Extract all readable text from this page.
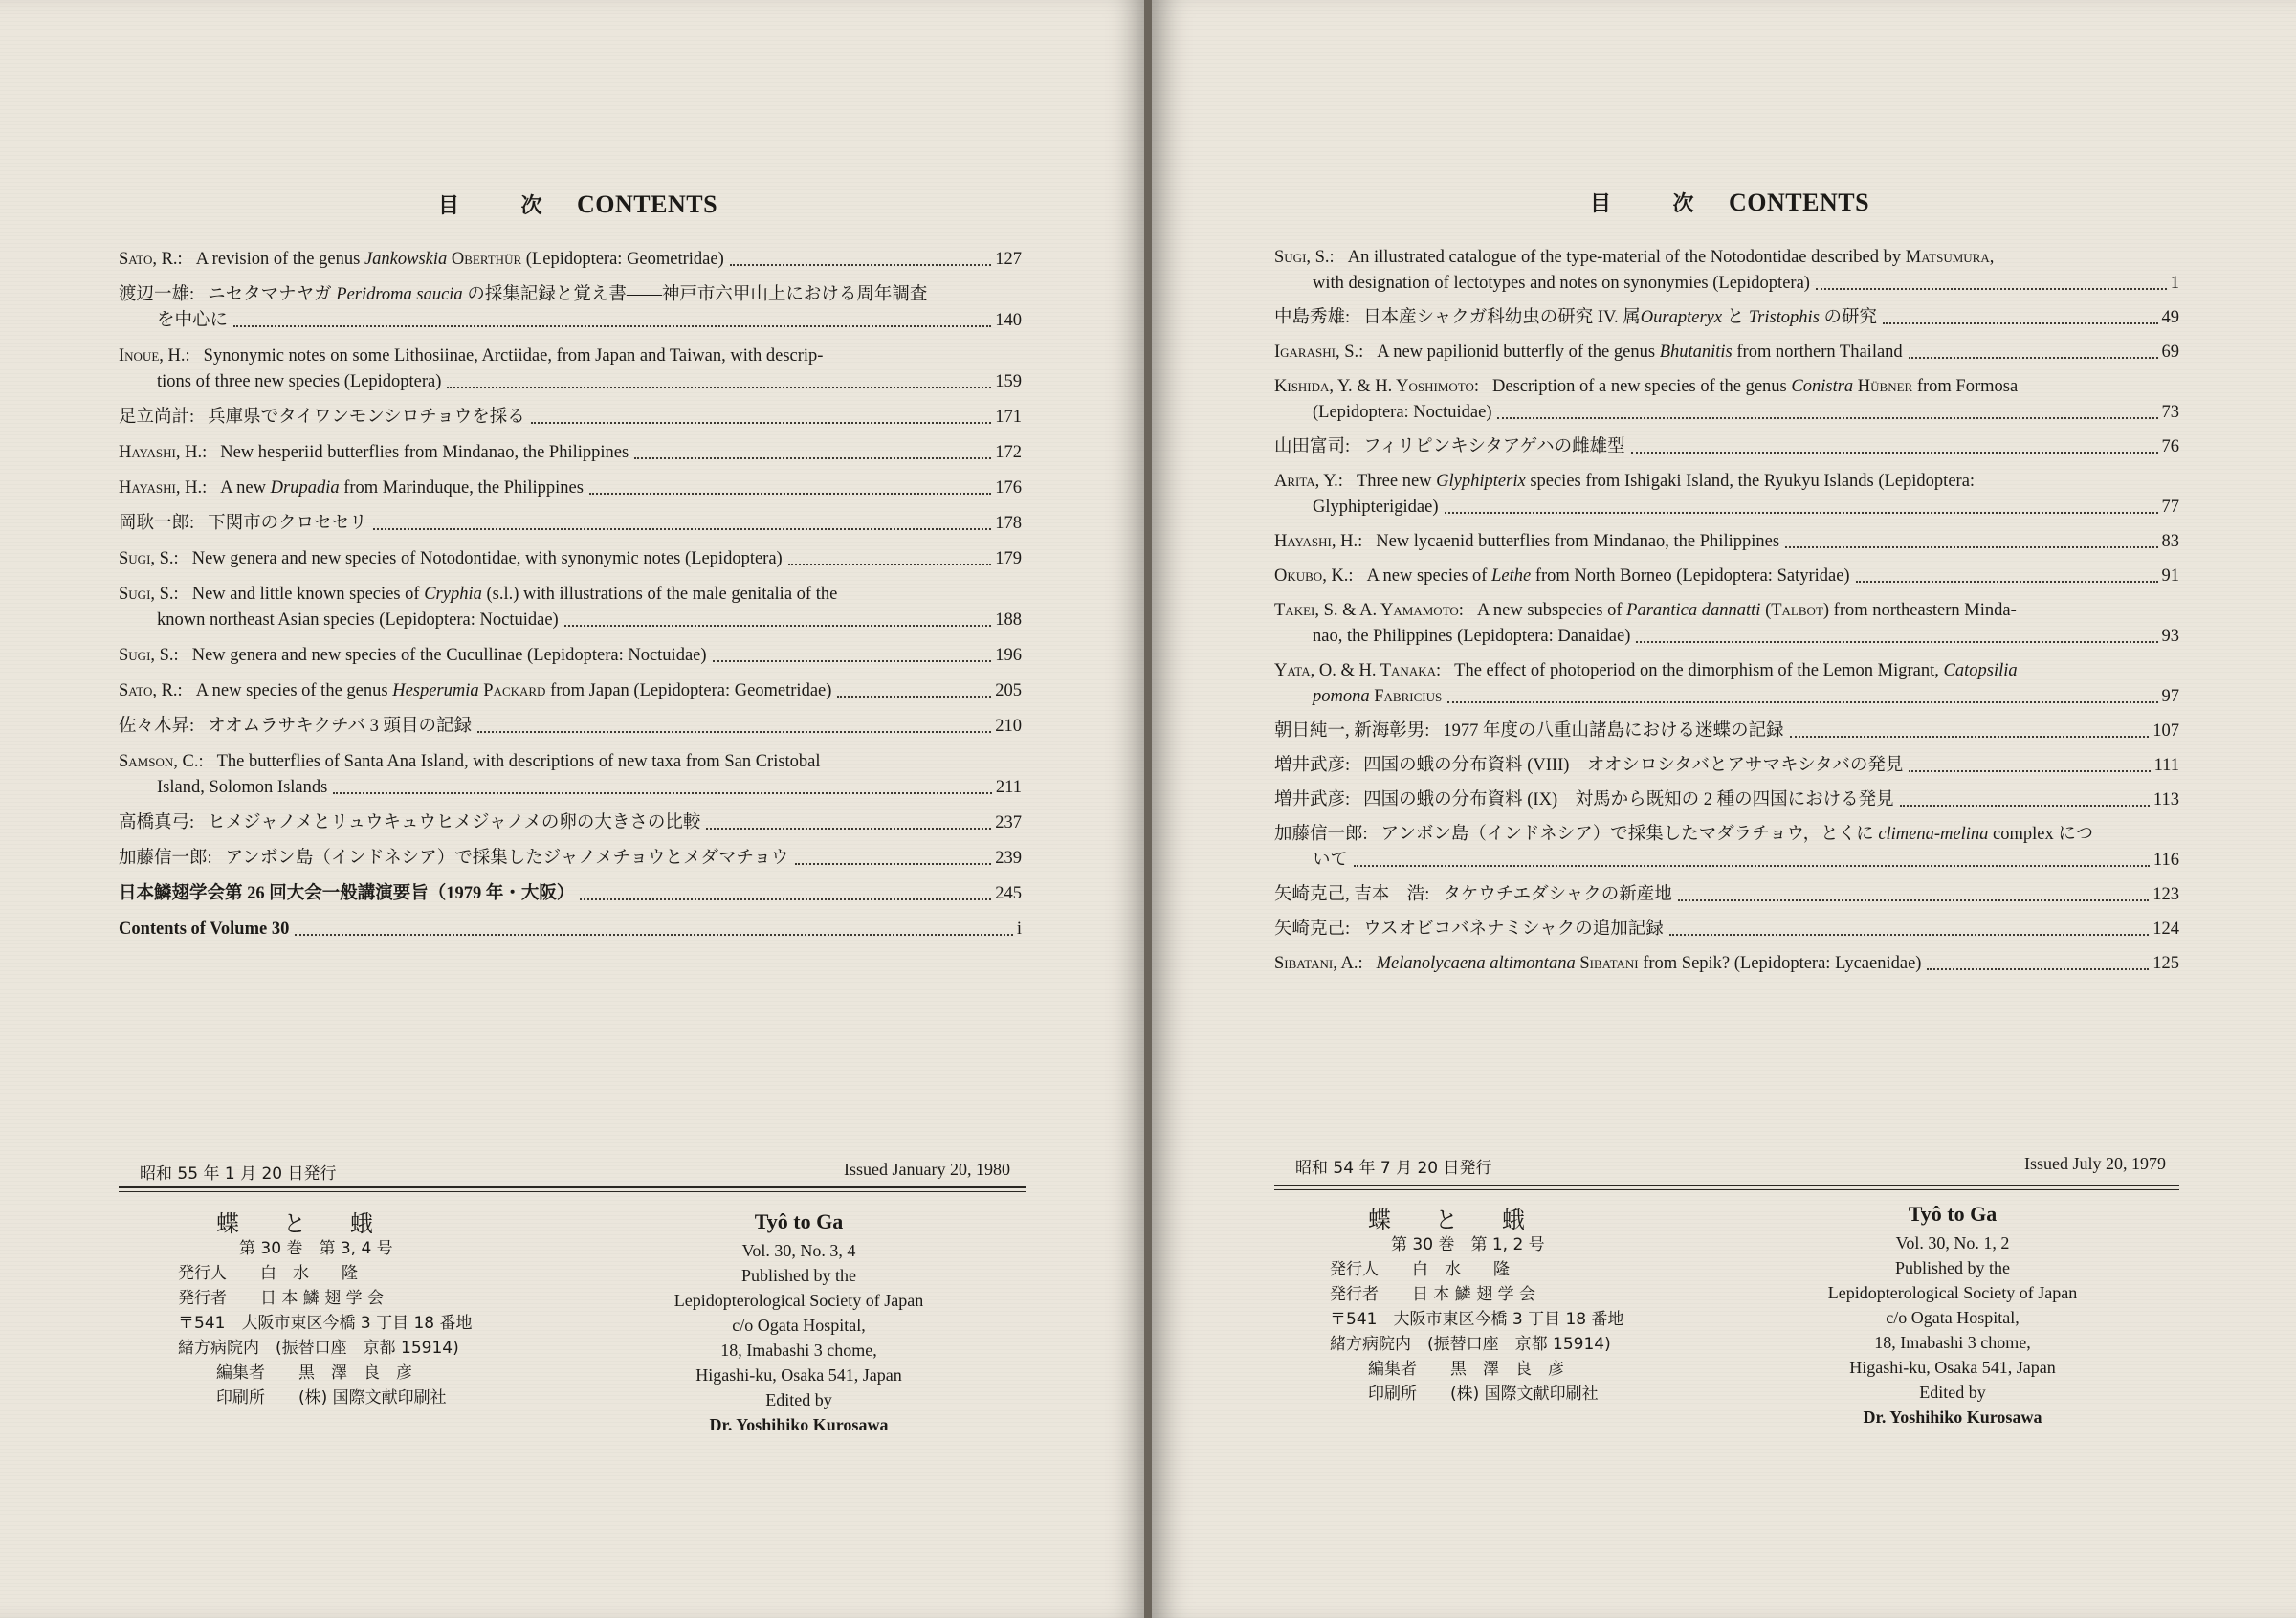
目	次 CONTENTS
Sato, R.: A revision of the genus Jankowskia Oberthür (Lepidoptera: Geometridae)	127
渡辺一雄: ニセタマナヤガ Peridroma saucia の採集記録と覚え書――神戸市六甲山上における周年調査
を中心に	140
Inoue, H.: Synonymic notes on some Lithosiinae, Arctiidae, from Japan and Taiwan, with descrip-
tions of three new species (Lepidoptera)	159
足立尚計: 兵庫県でタイワンモンシロチョウを採る	171
Hayashi, H.: New hesperiid butterflies from Mindanao, the Philippines	172
Hayashi, H.: A new Drupadia from Marinduque, the Philippines	176
岡耿一郎: 下関市のクロセセリ	178
Sugi, S.: New genera and new species of Notodontidae, with synonymic notes (Lepidoptera)	179
Sugi, S.: New and little known species of Cryphia (s.l.) with illustrations of the male genitalia of the
known northeast Asian species (Lepidoptera: Noctuidae)	188
Sugi, S.: New genera and new species of the Cucullinae (Lepidoptera: Noctuidae)	196
Sato, R.: A new species of the genus Hesperumia Packard from Japan (Lepidoptera: Geometridae)	205
佐々木昇: オオムラサキクチバ 3 頭目の記録	210
Samson, C.: The butterflies of Santa Ana Island, with descriptions of new taxa from San Cristobal
Island, Solomon Islands	211
高橋真弓: ヒメジャノメとリュウキュウヒメジャノメの卵の大きさの比較	237
加藤信一郎: アンボン島（インドネシア）で採集したジャノメチョウとメダマチョウ	239
日本鱗翅学会第 26 回大会一般講演要旨（1979 年・大阪）	245
Contents of Volume 30	i
昭和 55 年 1 月 20 日発行	Issued January 20, 1980
蝶と蛾
第 30 巻　第 3, 4 号
発行人	白　水　　隆
発行者	日 本 鱗 翅 学 会
〒541　大阪市東区今橋 3 丁目 18 番地
緒方病院内　(振替口座　京都 15914)
編集者	黒　澤　良　彦
印刷所	(株) 国際文献印刷社
Tyô to Ga
Vol. 30, No. 3, 4
Published by the
Lepidopterological Society of Japan
c/o Ogata Hospital,
18, Imabashi 3 chome,
Higashi-ku, Osaka 541, Japan
Edited by
Dr. Yoshihiko Kurosawa
目	次 CONTENTS
Sugi, S.: An illustrated catalogue of the type-material of the Notodontidae described by Matsumura,
with designation of lectotypes and notes on synonymies (Lepidoptera)	1
中島秀雄: 日本産シャクガ科幼虫の研究 IV. 属Ourapteryx と Tristophis の研究	49
Igarashi, S.: A new papilionid butterfly of the genus Bhutanitis from northern Thailand	69
Kishida, Y. & H. Yoshimoto: Description of a new species of the genus Conistra Hübner from Formosa
(Lepidoptera: Noctuidae)	73
山田富司: フィリピンキシタアゲハの雌雄型	76
Arita, Y.: Three new Glyphipterix species from Ishigaki Island, the Ryukyu Islands (Lepidoptera:
Glyphipterigidae)	77
Hayashi, H.: New lycaenid butterflies from Mindanao, the Philippines	83
Okubo, K.: A new species of Lethe from North Borneo (Lepidoptera: Satyridae)	91
Takei, S. & A. Yamamoto: A new subspecies of Parantica dannatti (Talbot) from northeastern Minda-
nao, the Philippines (Lepidoptera: Danaidae)	93
Yata, O. & H. Tanaka: The effect of photoperiod on the dimorphism of the Lemon Migrant, Catopsilia
pomona Fabricius	97
朝日純一, 新海彰男: 1977 年度の八重山諸島における迷蝶の記録	107
増井武彦: 四国の蛾の分布資料 (VIII)　オオシロシタバとアサマキシタバの発見	111
増井武彦: 四国の蛾の分布資料 (IX)　対馬から既知の 2 種の四国における発見	113
加藤信一郎: アンボン島（インドネシア）で採集したマダラチョウ，とくに climena-melina complex につ
いて	116
矢崎克己, 吉本　浩: タケウチエダシャクの新産地	123
矢崎克己: ウスオビコバネナミシャクの追加記録	124
Sibatani, A.: Melanolycaena altimontana Sibatani from Sepik? (Lepidoptera: Lycaenidae)	125
昭和 54 年 7 月 20 日発行	Issued July 20, 1979
蝶と蛾
第 30 巻　第 1, 2 号
発行人	白　水　　隆
発行者	日 本 鱗 翅 学 会
〒541　大阪市東区今橋 3 丁目 18 番地
緒方病院内　(振替口座　京都 15914)
編集者	黒　澤　良　彦
印刷所	(株) 国際文献印刷社
Tyô to Ga
Vol. 30, No. 1, 2
Published by the
Lepidopterological Society of Japan
c/o Ogata Hospital,
18, Imabashi 3 chome,
Higashi-ku, Osaka 541, Japan
Edited by
Dr. Yoshihiko Kurosawa
